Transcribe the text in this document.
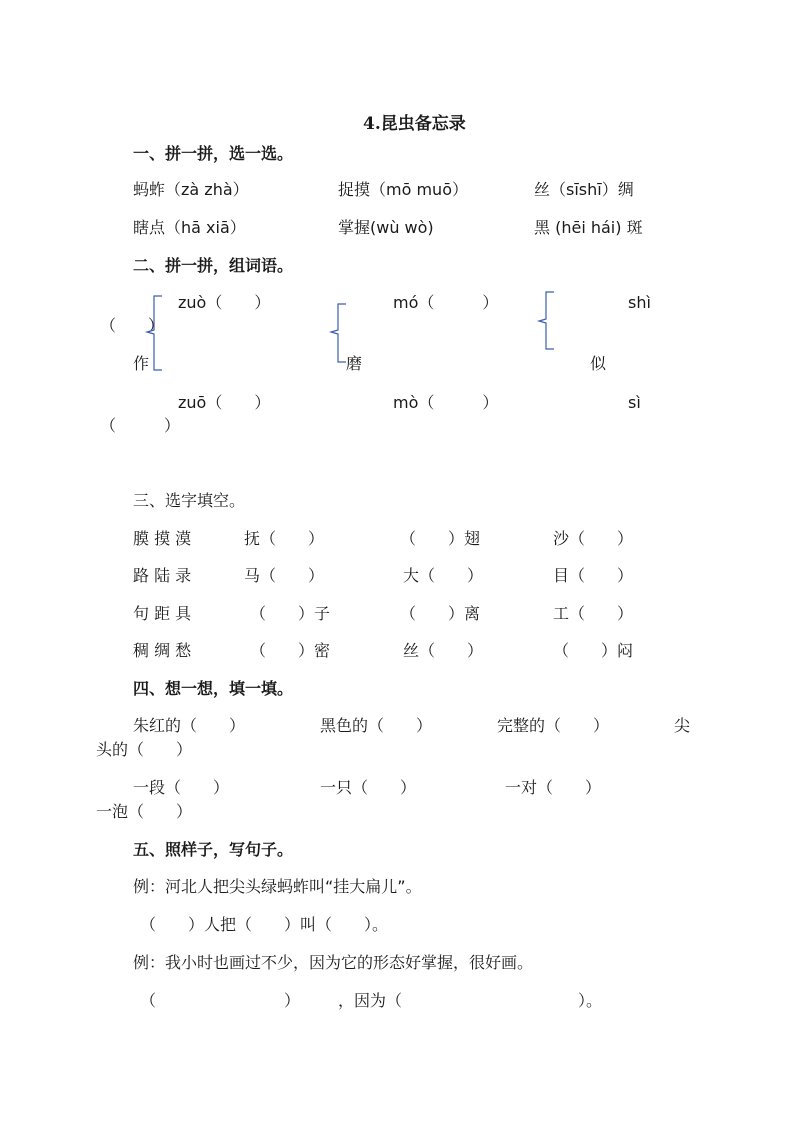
4.昆虫备忘录
一、拼一拼，选一选。
蚂蚱（zà zhà）	捉摸（mō muō）	丝（sīshī）绸
瞎点（hā xiā）	掌握(wù wò)	黑 (hēi hái) 斑
二、拼一拼，组词语。
zuò（　　）	mó（　　　）	shì
（　　）
作	磨	似
zuō（　　）	mò（　　　）	sì
（　　　）
三、选字填空。
膜 摸 漠	抚（　　）	（　　）翅	沙（　　）
路 陆 录	马（　　）	大（　　）	目（　　）
句 距 具	（　　）子	（　　）离	工（　　）
稠 绸 愁	（　　）密	丝（　　）	（　　）闷
四、想一想，填一填。
朱红的（　　）	黑色的（　　）	完整的（　　）	尖
头的（　　）
一段（　　）	一只（　　）	一对（　　）
一泡（　　）
五、照样子，写句子。
例：河北人把尖头绿蚂蚱叫“挂大扁儿”。
（　　）人把（　　）叫（　　）。
例：我小时也画过不少，因为它的形态好掌握，很好画。
（　　　　　　　　） ，因为（　　　　　　　　　　　）。
